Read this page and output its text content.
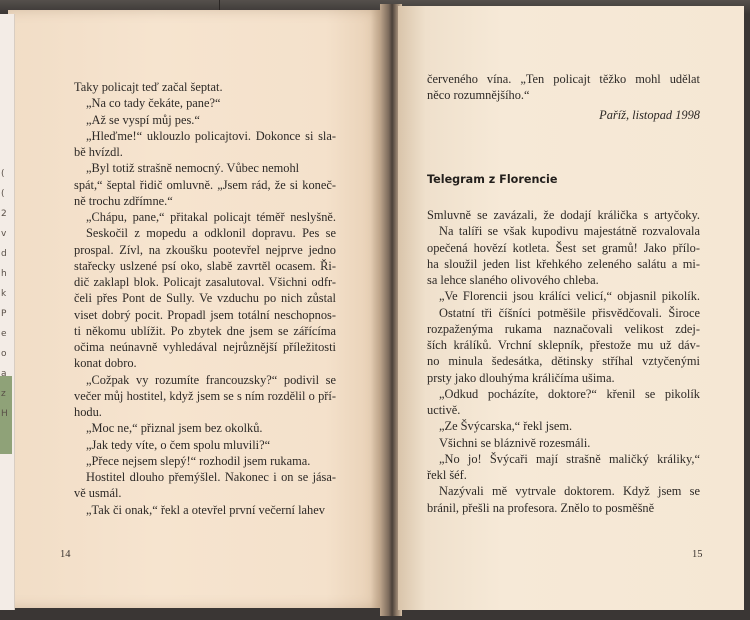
(
(
2
v
d
h
k
P
e
o
a
z
H
Taky policajt teď začal šeptat.
„Na co tady čekáte, pane?“
„Až se vyspí můj pes.“
„Hleďme!“ uklouzlo policajtovi. Dokonce si sla-
bě hvízdl.
„Byl totiž strašně nemocný. Vůbec nemohl
spát,“ šeptal řidič omluvně. „Jsem rád, že si koneč-
ně trochu zdřímne.“
„Chápu, pane,“ přitakal policajt téměř neslyšně.
Seskočil z mopedu a odklonil dopravu. Pes se
prospal. Zívl, na zkoušku pootevřel nejprve jedno
stařecky uslzené psí oko, slabě zavrtěl ocasem. Ři-
dič zaklapl blok. Policajt zasalutoval. Všichni odfr-
čeli přes Pont de Sully. Ve vzduchu po nich zůstal
viset dobrý pocit. Propadl jsem totální neschopnos-
ti někomu ublížit. Po zbytek dne jsem se zářícíma
očima neúnavně vyhledával nejrůznější příležitosti
konat dobro.
„Cožpak vy rozumíte francouzsky?“ podivil se
večer můj hostitel, když jsem se s ním rozdělil o pří-
hodu.
„Moc ne,“ přiznal jsem bez okolků.
„Jak tedy víte, o čem spolu mluvili?“
„Přece nejsem slepý!“ rozhodil jsem rukama.
Hostitel dlouho přemýšlel. Nakonec i on se jása-
vě usmál.
„Tak či onak,“ řekl a otevřel první večerní lahev
14
červeného vína. „Ten policajt těžko mohl udělat
něco rozumnějšího.“
Paříž, listopad 1998
Telegram z Florencie
Smluvně se zavázali, že dodají králička s artyčoky.
Na talíři se však kupodivu majestátně rozvalovala
opečená hovězí kotleta. Šest set gramů! Jako přílo-
ha sloužil jeden list křehkého zeleného salátu a mi-
sa lehce slaného olivového chleba.
„Ve Florencii jsou králíci velicí,“ objasnil pikolík.
Ostatní tři číšníci potměšile přisvědčovali. Široce
rozpaženýma rukama naznačovali velikost zdej-
ších králíků. Vrchní sklepník, přestože mu už dáv-
no minula šedesátka, dětinsky stříhal vztyčenými
prsty jako dlouhýma králičíma ušima.
„Odkud pocházíte, doktore?“ křenil se pikolík
uctivě.
„Ze Švýcarska,“ řekl jsem.
Všichni se bláznivě rozesmáli.
„No jo! Švýcaři mají strašně maličký králiky,“
řekl šéf.
Nazývali mě vytrvale doktorem. Když jsem se
bránil, přešli na profesora. Znělo to posměšně
15
